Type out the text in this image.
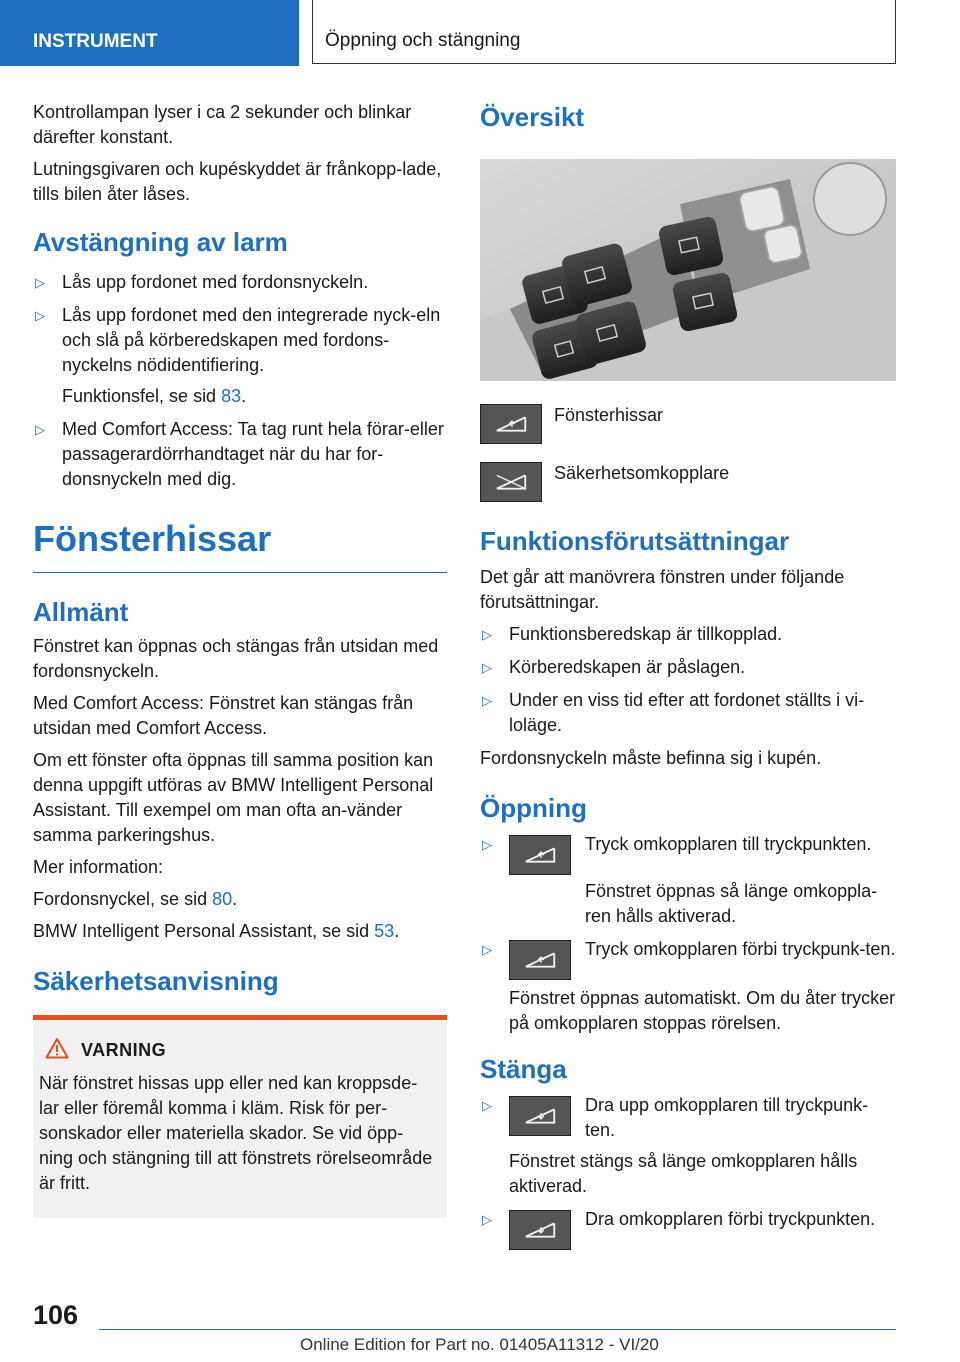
INSTRUMENT	Öppning och stängning

Kontrollampan lyser i ca 2 sekunder och blinkar därefter konstant.

Lutningsgivaren och kupéskyddet är frånkopp-lade, tills bilen åter låses.

Avstängning av larm
▷ Lås upp fordonet med fordonsnyckeln.
▷ Lås upp fordonet med den integrerade nyck-eln och slå på körberedskapen med fordons-nyckelns nödidentifiering.
Funktionsfel, se sid 83.
▷ Med Comfort Access: Ta tag runt hela förar-eller passagerardörrhandtaget när du har for-donsnyckeln med dig.
Fönsterhissar
Allmänt

Fönstret kan öppnas och stängas från utsidan med fordonsnyckeln.

Med Comfort Access: Fönstret kan stängas från utsidan med Comfort Access.

Om ett fönster ofta öppnas till samma position kan denna uppgift utföras av BMW Intelligent Personal Assistant. Till exempel om man ofta an-vänder samma parkeringshus.

Mer information:

Fordonsnyckel, se sid 80.

BMW Intelligent Personal Assistant, se sid 53.

Säkerhetsanvisning
VARNING

När fönstret hissas upp eller ned kan kroppsde-lar eller föremål komma i kläm. Risk för per-sonskador eller materiella skador. Se vid öpp-ning och stängning till att fönstrets rörelseområde är fritt.

Översikt
Fönsterhissar
Säkerhetsomkopplare
Funktionsförutsättningar

Det går att manövrera fönstren under följande förutsättningar.

▷ Funktionsberedskap är tillkopplad.
▷ Körberedskapen är påslagen.
▷ Under en viss tid efter att fordonet ställts i vi-loläge.

Fordonsnyckeln måste befinna sig i kupén.

Öppning
▷	Tryck omkopplaren till tryckpunkten.
Fönstret öppnas så länge omkoppla-ren hålls aktiverad.
▷	Tryck omkopplaren förbi tryckpunk-ten.
Fönstret öppnas automatiskt. Om du åter trycker på omkopplaren stoppas rörelsen.
Stänga
▷	Dra upp omkopplaren till tryckpunk-ten.
Fönstret stängs så länge omkopplaren hålls aktiverad.
▷	Dra omkopplaren förbi tryckpunkten.
106
Online Edition for Part no. 01405A11312 - VI/20
